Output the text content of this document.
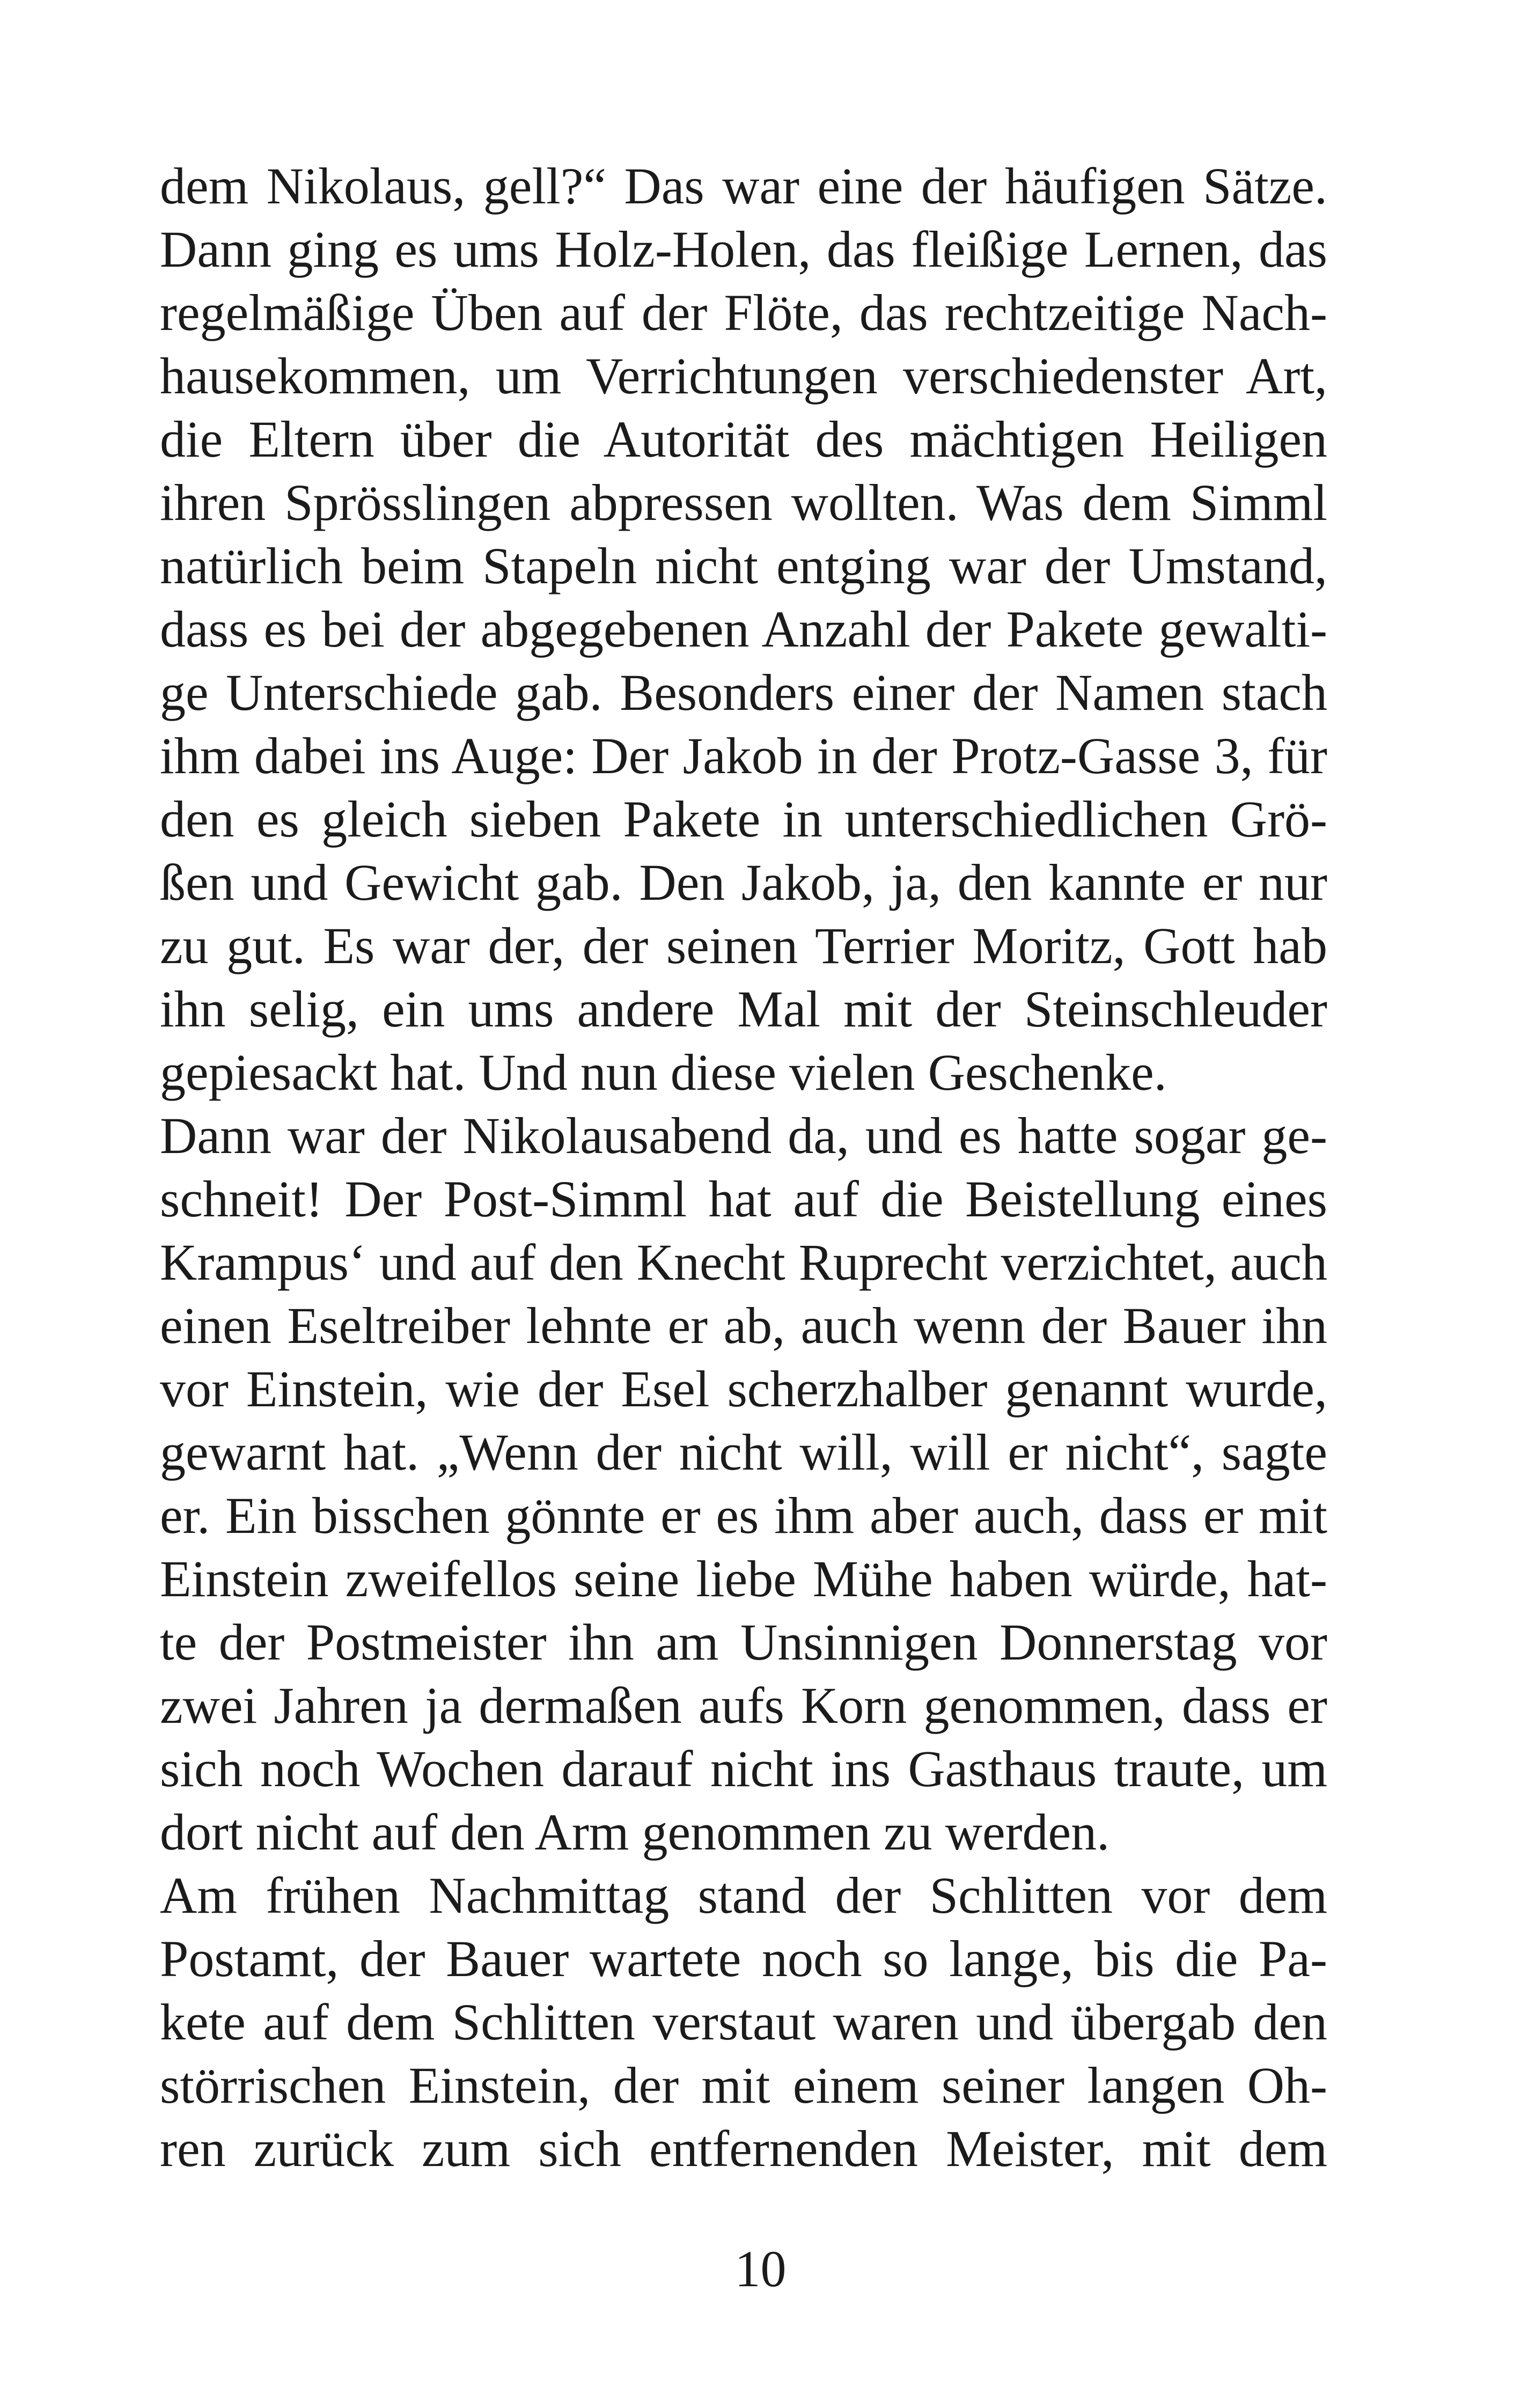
dem Nikolaus, gell?“ Das war eine der häufigen Sätze.
Dann ging es ums Holz-Holen, das fleißige Lernen, das
regelmäßige Üben auf der Flöte, das rechtzeitige Nach-
hausekommen, um Verrichtungen verschiedenster Art,
die Eltern über die Autorität des mächtigen Heiligen
ihren Sprösslingen abpressen wollten. Was dem Simml
natürlich beim Stapeln nicht entging war der Umstand,
dass es bei der abgegebenen Anzahl der Pakete gewalti-
ge Unterschiede gab. Besonders einer der Namen stach
ihm dabei ins Auge: Der Jakob in der Protz-Gasse 3, für
den es gleich sieben Pakete in unterschiedlichen Grö-
ßen und Gewicht gab. Den Jakob, ja, den kannte er nur
zu gut. Es war der, der seinen Terrier Moritz, Gott hab
ihn selig, ein ums andere Mal mit der Steinschleuder
gepiesackt hat. Und nun diese vielen Geschenke.
Dann war der Nikolausabend da, und es hatte sogar ge-
schneit! Der Post-Simml hat auf die Beistellung eines
Krampus‘ und auf den Knecht Ruprecht verzichtet, auch
einen Eseltreiber lehnte er ab, auch wenn der Bauer ihn
vor Einstein, wie der Esel scherzhalber genannt wurde,
gewarnt hat. „Wenn der nicht will, will er nicht“, sagte
er. Ein bisschen gönnte er es ihm aber auch, dass er mit
Einstein zweifellos seine liebe Mühe haben würde, hat-
te der Postmeister ihn am Unsinnigen Donnerstag vor
zwei Jahren ja dermaßen aufs Korn genommen, dass er
sich noch Wochen darauf nicht ins Gasthaus traute, um
dort nicht auf den Arm genommen zu werden.
Am frühen Nachmittag stand der Schlitten vor dem
Postamt, der Bauer wartete noch so lange, bis die Pa-
kete auf dem Schlitten verstaut waren und übergab den
störrischen Einstein, der mit einem seiner langen Oh-
ren zurück zum sich entfernenden Meister, mit dem
10
